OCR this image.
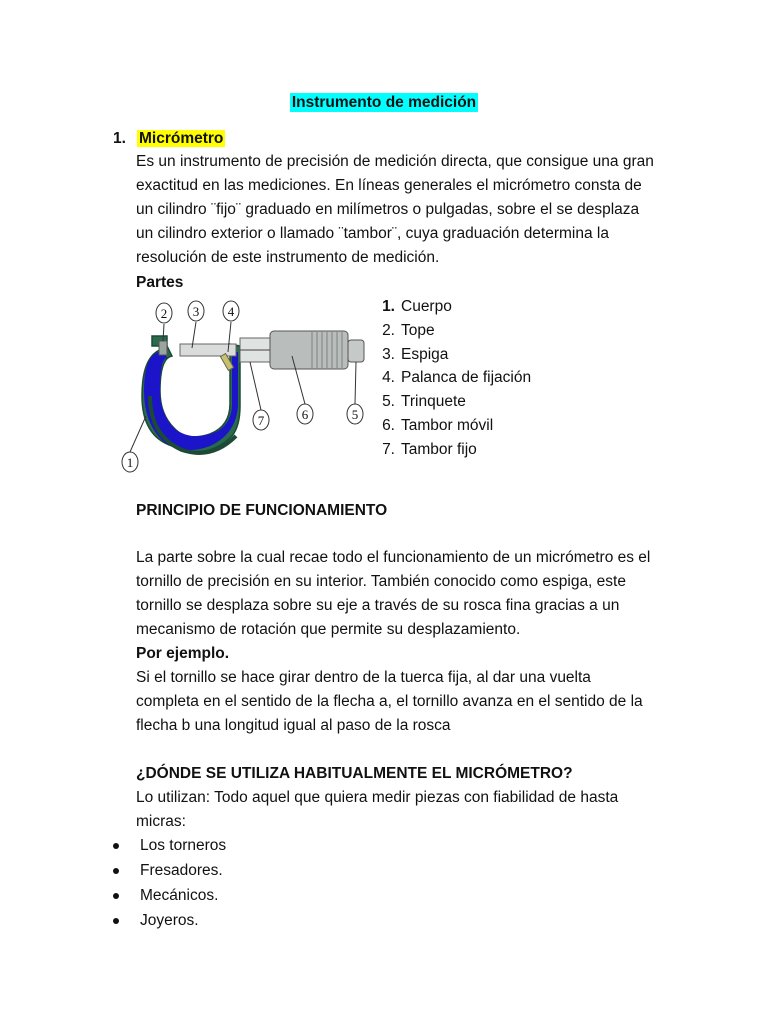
Instrumento de medición
1. Micrómetro
Es un instrumento de precisión de medición directa, que consigue una gran
exactitud en las mediciones. En líneas generales el micrómetro consta de
un cilindro ¨fijo¨ graduado en milímetros o pulgadas, sobre el se desplaza
un cilindro exterior o llamado ¨tambor¨, cuya graduación determina la
resolución de este instrumento de medición.
Partes
1
2 3 4
5
6
7
1. Cuerpo
2. Tope
3. Espiga
4. Palanca de fijación
5. Trinquete
6. Tambor móvil
7. Tambor fijo
PRINCIPIO DE FUNCIONAMIENTO
La parte sobre la cual recae todo el funcionamiento de un micrómetro es el
tornillo de precisión en su interior. También conocido como espiga, este
tornillo se desplaza sobre su eje a través de su rosca fina gracias a un
mecanismo de rotación que permite su desplazamiento.
Por ejemplo.
Si el tornillo se hace girar dentro de la tuerca fija, al dar una vuelta
completa en el sentido de la flecha a, el tornillo avanza en el sentido de la
flecha b una longitud igual al paso de la rosca
¿DÓNDE SE UTILIZA HABITUALMENTE EL MICRÓMETRO?
Lo utilizan: Todo aquel que quiera medir piezas con fiabilidad de hasta
micras:
Los torneros
Fresadores.
Mecánicos.
Joyeros.
